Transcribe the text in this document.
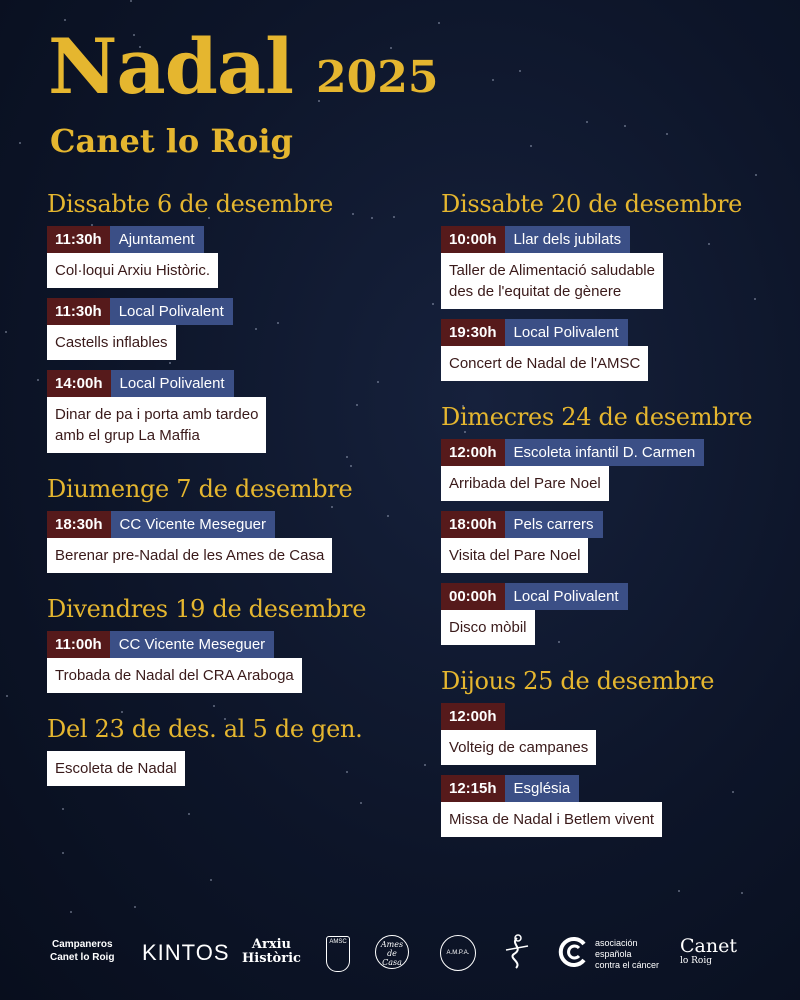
Nadal 2025
Canet lo Roig
Dissabte 6 de desembre
11:30h	Ajuntament
Col·loqui Arxiu Històric.
11:30h	Local Polivalent
Castells inflables
14:00h	Local Polivalent
Dinar de pa i porta amb tardeo
amb el grup La Maffia
Diumenge 7 de desembre
18:30h	CC Vicente Meseguer
Berenar pre-Nadal de les Ames de Casa
Divendres 19 de desembre
11:00h	CC Vicente Meseguer
Trobada de Nadal del CRA Araboga
Del 23 de des. al 5 de gen.
Escoleta de Nadal
Dissabte 20 de desembre
10:00h	Llar dels jubilats
Taller de Alimentació saludable
des de l'equitat de gènere
19:30h	Local Polivalent
Concert de Nadal de l'AMSC
Dimecres 24 de desembre
12:00h	Escoleta infantil D. Carmen
Arribada del Pare Noel
18:00h	Pels carrers
Visita del Pare Noel
00:00h	Local Polivalent
Disco mòbil
Dijous 25 de desembre
12:00h
Volteig de campanes
12:15h	Església
Missa de Nadal i Betlem vivent
Campaneros
Canet lo Roig KINTOS	Arxiu
Històric
AMSC	Ames
de
Casa
A.M.P.A.
asociación
española
contra el cáncer
Canet
lo Roig
